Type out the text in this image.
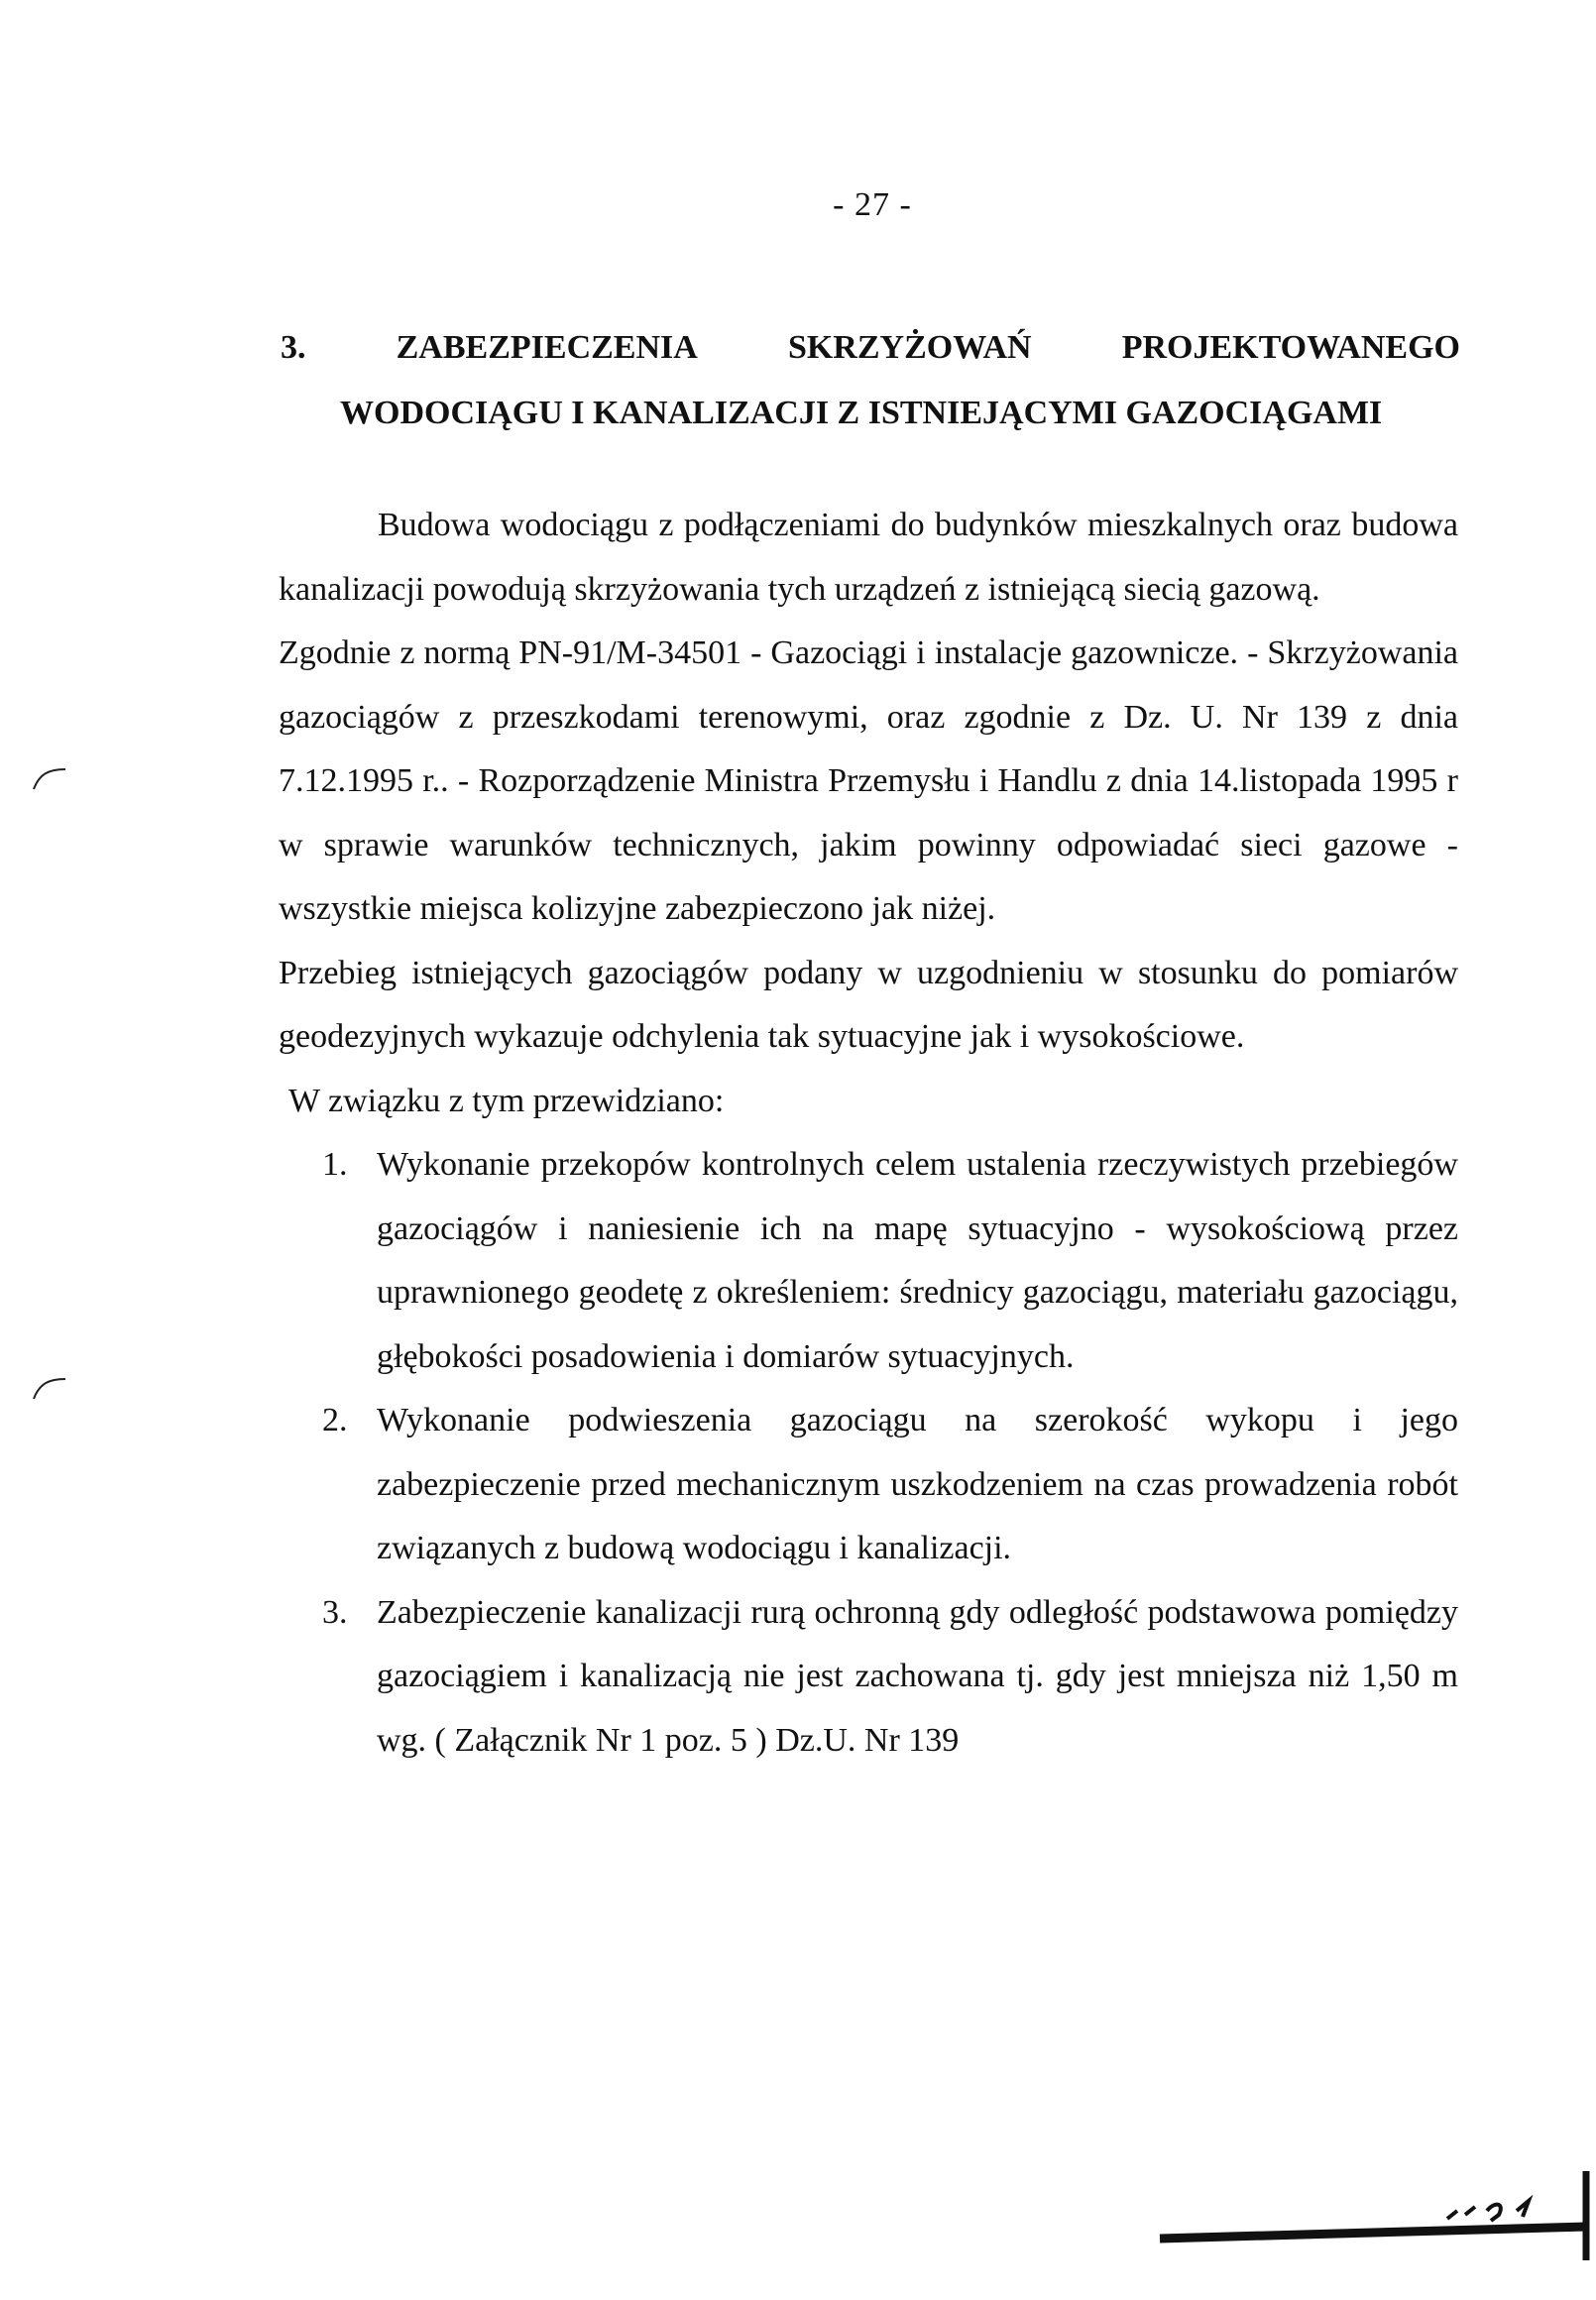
- 27 -
3.	ZABEZPIECZENIA	SKRZYŻOWAŃ	PROJEKTOWANEGO
WODOCIĄGU I KANALIZACJI Z ISTNIEJĄCYMI GAZOCIĄGAMI

Budowa wodociągu z podłączeniami do budynków mieszkalnych oraz budowa kanalizacji powodują skrzyżowania tych urządzeń z istniejącą siecią gazową.

Zgodnie z normą PN-91/M-34501 - Gazociągi i instalacje gazownicze. - Skrzyżowania gazociągów z przeszkodami terenowymi, oraz zgodnie z Dz. U. Nr 139 z dnia 7.12.1995 r.. - Rozporządzenie Ministra Przemysłu i Handlu z dnia 14.listopada 1995 r w sprawie warunków technicznych, jakim powinny odpowiadać sieci gazowe - wszystkie miejsca kolizyjne zabezpieczono jak niżej.

Przebieg istniejących gazociągów podany w uzgodnieniu w stosunku do pomiarów geodezyjnych wykazuje odchylenia tak sytuacyjne jak i wysokościowe.

W związku z tym przewidziano:

1. Wykonanie przekopów kontrolnych celem ustalenia rzeczywistych przebiegów gazociągów i naniesienie ich na mapę sytuacyjno - wysokościową przez uprawnionego geodetę z określeniem: średnicy gazociągu, materiału gazociągu, głębokości posadowienia i domiarów sytuacyjnych.
2. Wykonanie podwieszenia gazociągu na szerokość wykopu i jego zabezpieczenie przed mechanicznym uszkodzeniem na czas prowadzenia robót związanych z budową wodociągu i kanalizacji.
3. Zabezpieczenie kanalizacji rurą ochronną gdy odległość podstawowa pomiędzy gazociągiem i kanalizacją nie jest zachowana tj. gdy jest mniejsza niż 1,50 m wg. ( Załącznik Nr 1 poz. 5 ) Dz.U. Nr 139
